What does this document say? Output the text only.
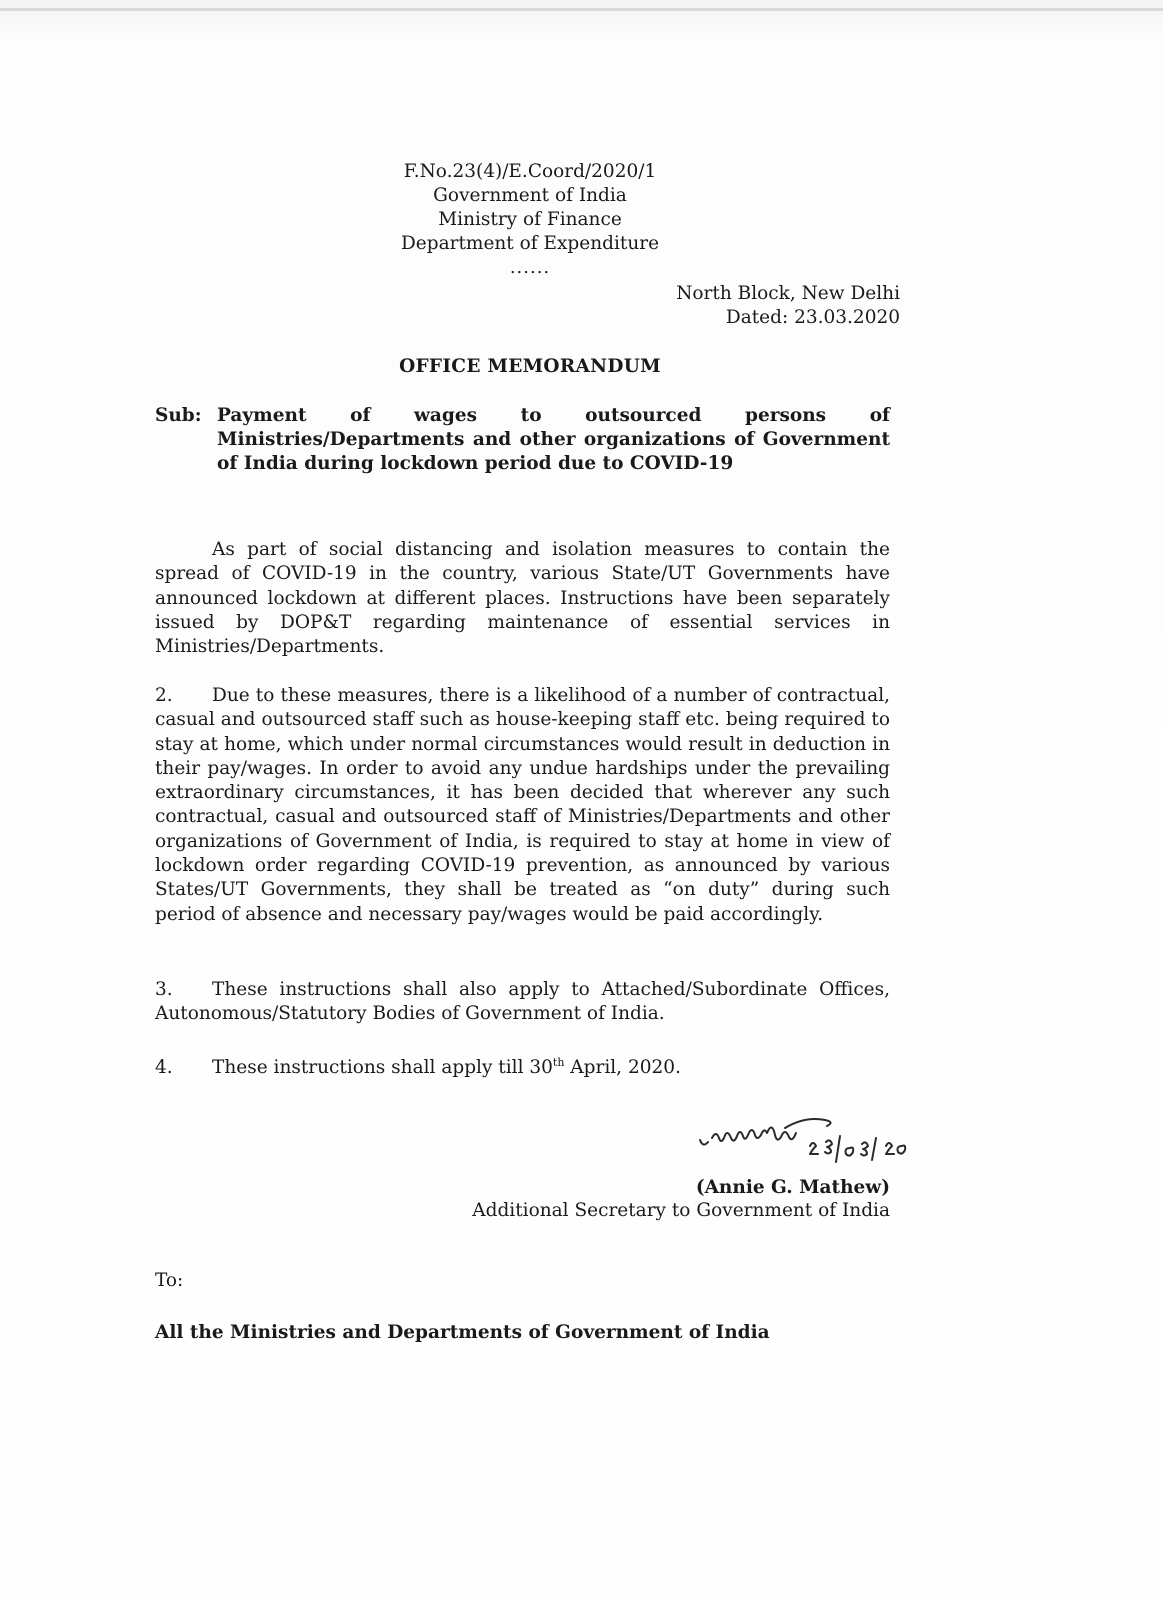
F.No.23(4)/E.Coord/2020/1
Government of India
Ministry of Finance
Department of Expenditure
......
North Block, New Delhi
Dated: 23.03.2020
OFFICE MEMORANDUM
Sub: Payment of wages to outsourced persons of Ministries/Departments and other organizations of Government of India during lockdown period due to COVID-19
As part of social distancing and isolation measures to contain the spread of COVID-19 in the country, various State/UT Governments have announced lockdown at different places. Instructions have been separately issued by DOP&T regarding maintenance of essential services in Ministries/Departments.
2. Due to these measures, there is a likelihood of a number of contractual, casual and outsourced staff such as house-keeping staff etc. being required to stay at home, which under normal circumstances would result in deduction in their pay/wages. In order to avoid any undue hardships under the prevailing extraordinary circumstances, it has been decided that wherever any such contractual, casual and outsourced staff of Ministries/Departments and other organizations of Government of India, is required to stay at home in view of lockdown order regarding COVID-19 prevention, as announced by various States/UT Governments, they shall be treated as “on duty” during such period of absence and necessary pay/wages would be paid accordingly.
3. These instructions shall also apply to Attached/Subordinate Offices, Autonomous/Statutory Bodies of Government of India.
4. These instructions shall apply till 30th April, 2020.
(Annie G. Mathew)
Additional Secretary to Government of India
To:
All the Ministries and Departments of Government of India
